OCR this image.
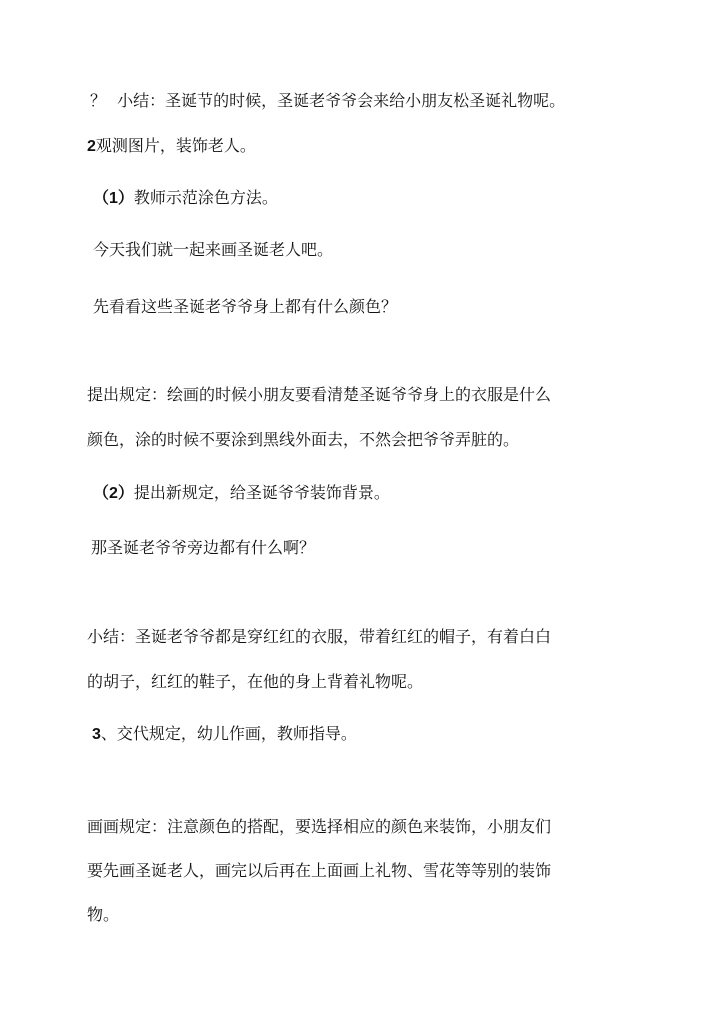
？ 小结：圣诞节的时候，圣诞老爷爷会来给小朋友松圣诞礼物呢。

2观测图片，装饰老人。

（1）教师示范涂色方法。

今天我们就一起来画圣诞老人吧。

先看看这些圣诞老爷爷身上都有什么颜色？

提出规定：绘画的时候小朋友要看清楚圣诞爷爷身上的衣服是什么

颜色，涂的时候不要涂到黑线外面去，不然会把爷爷弄脏的。

（2）提出新规定，给圣诞爷爷装饰背景。

那圣诞老爷爷旁边都有什么啊？

小结：圣诞老爷爷都是穿红红的衣服，带着红红的帽子，有着白白

的胡子，红红的鞋子，在他的身上背着礼物呢。

3、交代规定，幼儿作画，教师指导。

画画规定：注意颜色的搭配，要选择相应的颜色来装饰，小朋友们

要先画圣诞老人，画完以后再在上面画上礼物、雪花等等别的装饰

物。
